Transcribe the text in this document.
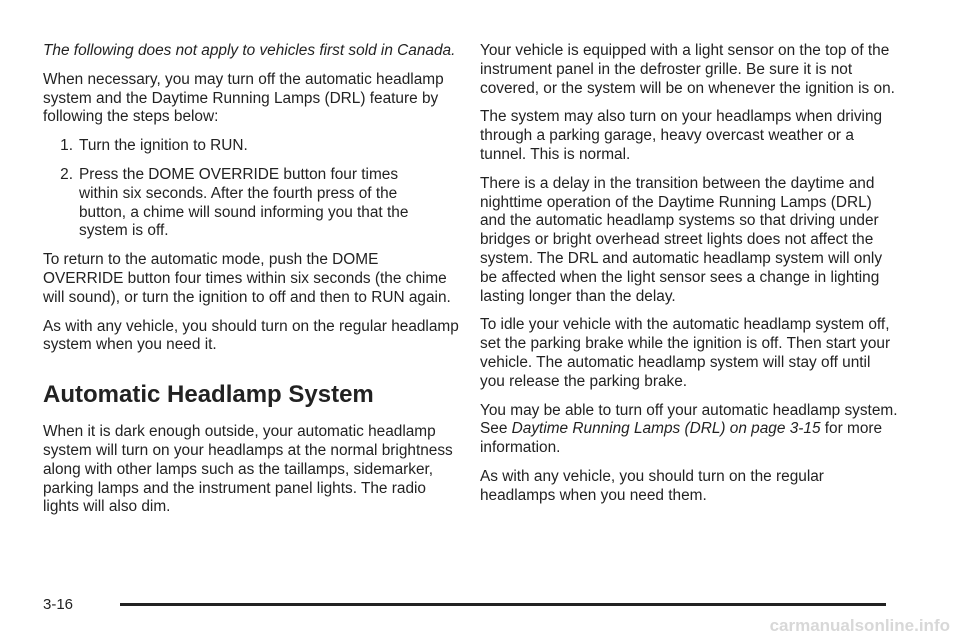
The following does not apply to vehicles first sold in Canada.

When necessary, you may turn off the automatic headlamp system and the Daytime Running Lamps (DRL) feature by following the steps below:

1. Turn the ignition to RUN.
2. Press the DOME OVERRIDE button four times within six seconds. After the fourth press of the button, a chime will sound informing you that the system is off.

To return to the automatic mode, push the DOME OVERRIDE button four times within six seconds (the chime will sound), or turn the ignition to off and then to RUN again.

As with any vehicle, you should turn on the regular headlamp system when you need it.

Automatic Headlamp System

When it is dark enough outside, your automatic headlamp system will turn on your headlamps at the normal brightness along with other lamps such as the taillamps, sidemarker, parking lamps and the instrument panel lights. The radio lights will also dim.

Your vehicle is equipped with a light sensor on the top of the instrument panel in the defroster grille. Be sure it is not covered, or the system will be on whenever the ignition is on.

The system may also turn on your headlamps when driving through a parking garage, heavy overcast weather or a tunnel. This is normal.

There is a delay in the transition between the daytime and nighttime operation of the Daytime Running Lamps (DRL) and the automatic headlamp systems so that driving under bridges or bright overhead street lights does not affect the system. The DRL and automatic headlamp system will only be affected when the light sensor sees a change in lighting lasting longer than the delay.

To idle your vehicle with the automatic headlamp system off, set the parking brake while the ignition is off. Then start your vehicle. The automatic headlamp system will stay off until you release the parking brake.

You may be able to turn off your automatic headlamp system. See Daytime Running Lamps (DRL) on page 3-15 for more information.

As with any vehicle, you should turn on the regular headlamps when you need them.

3-16
carmanualsonline.info
